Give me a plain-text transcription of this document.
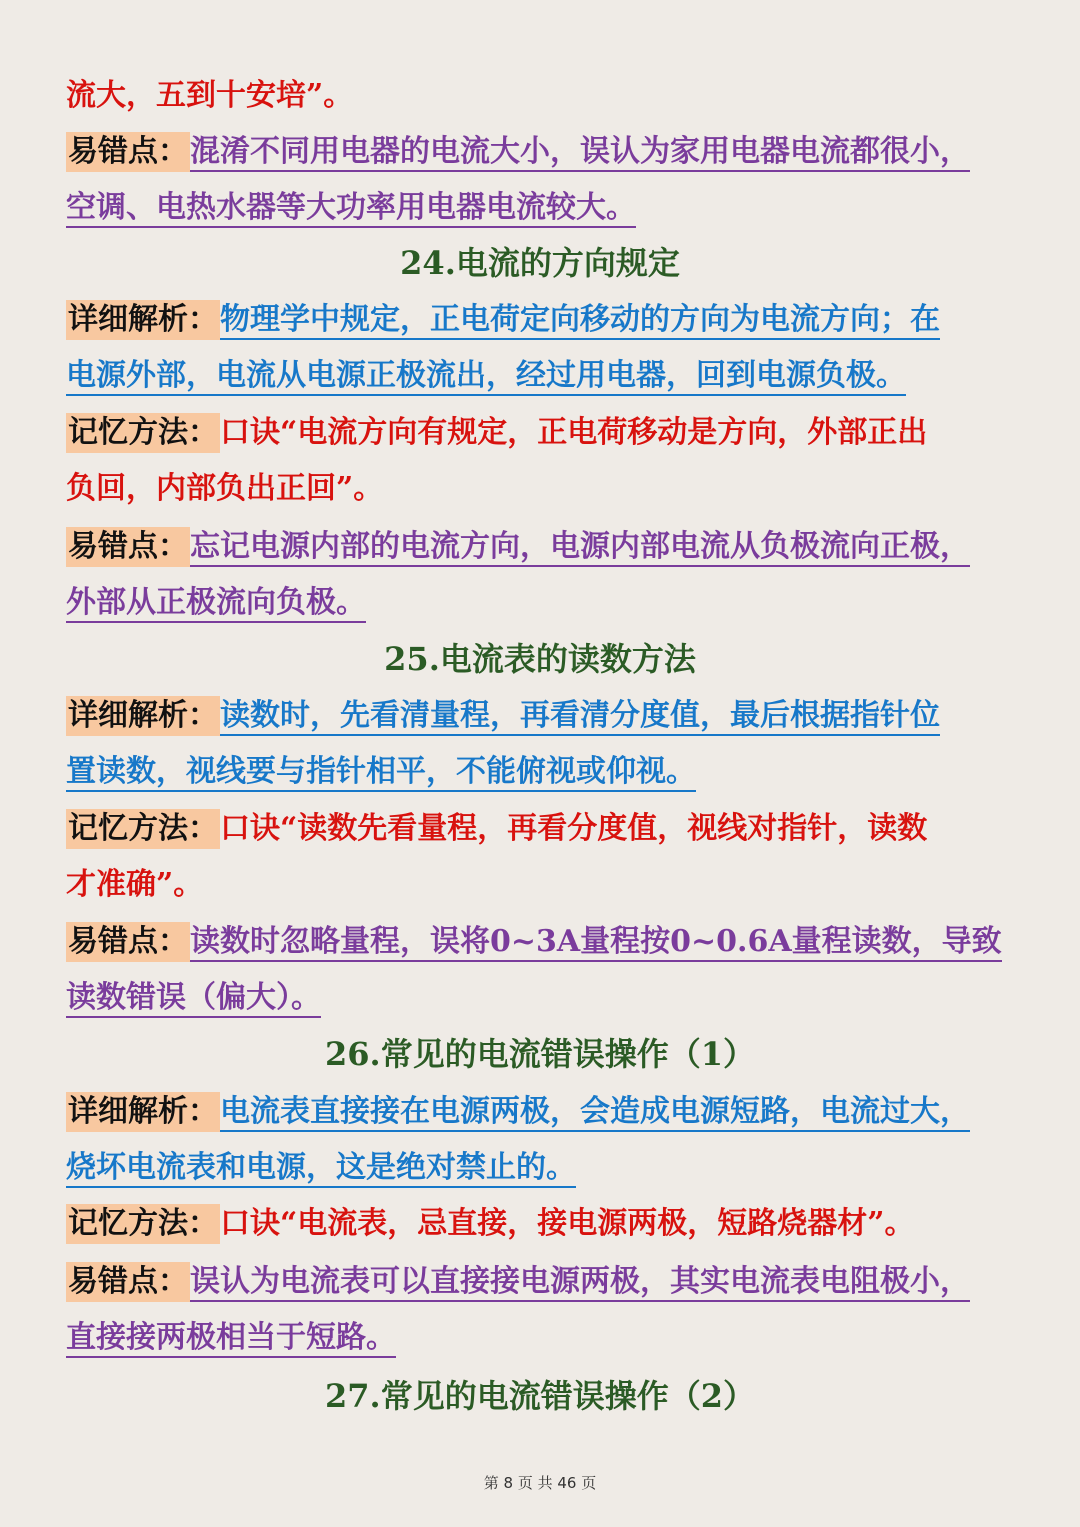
流大，五到十安培”。
易错点：混淆不同用电器的电流大小，误认为家用电器电流都很小，
空调、电热水器等大功率用电器电流较大。
24.电流的方向规定
详细解析：物理学中规定，正电荷定向移动的方向为电流方向；在
电源外部，电流从电源正极流出，经过用电器，回到电源负极。
记忆方法：口诀“电流方向有规定，正电荷移动是方向，外部正出
负回，内部负出正回”。
易错点：忘记电源内部的电流方向，电源内部电流从负极流向正极，
外部从正极流向负极。
25.电流表的读数方法
详细解析：读数时，先看清量程，再看清分度值，最后根据指针位
置读数，视线要与指针相平，不能俯视或仰视。
记忆方法：口诀“读数先看量程，再看分度值，视线对指针，读数
才准确”。
易错点：读数时忽略量程，误将0~3A量程按0~0.6A量程读数，导致
读数错误（偏大）。
26.常见的电流错误操作（1）
详细解析：电流表直接接在电源两极，会造成电源短路，电流过大，
烧坏电流表和电源，这是绝对禁止的。
记忆方法：口诀“电流表，忌直接，接电源两极，短路烧器材”。
易错点：误认为电流表可以直接接电源两极，其实电流表电阻极小，
直接接两极相当于短路。
27.常见的电流错误操作（2）
第 8 页 共 46 页
